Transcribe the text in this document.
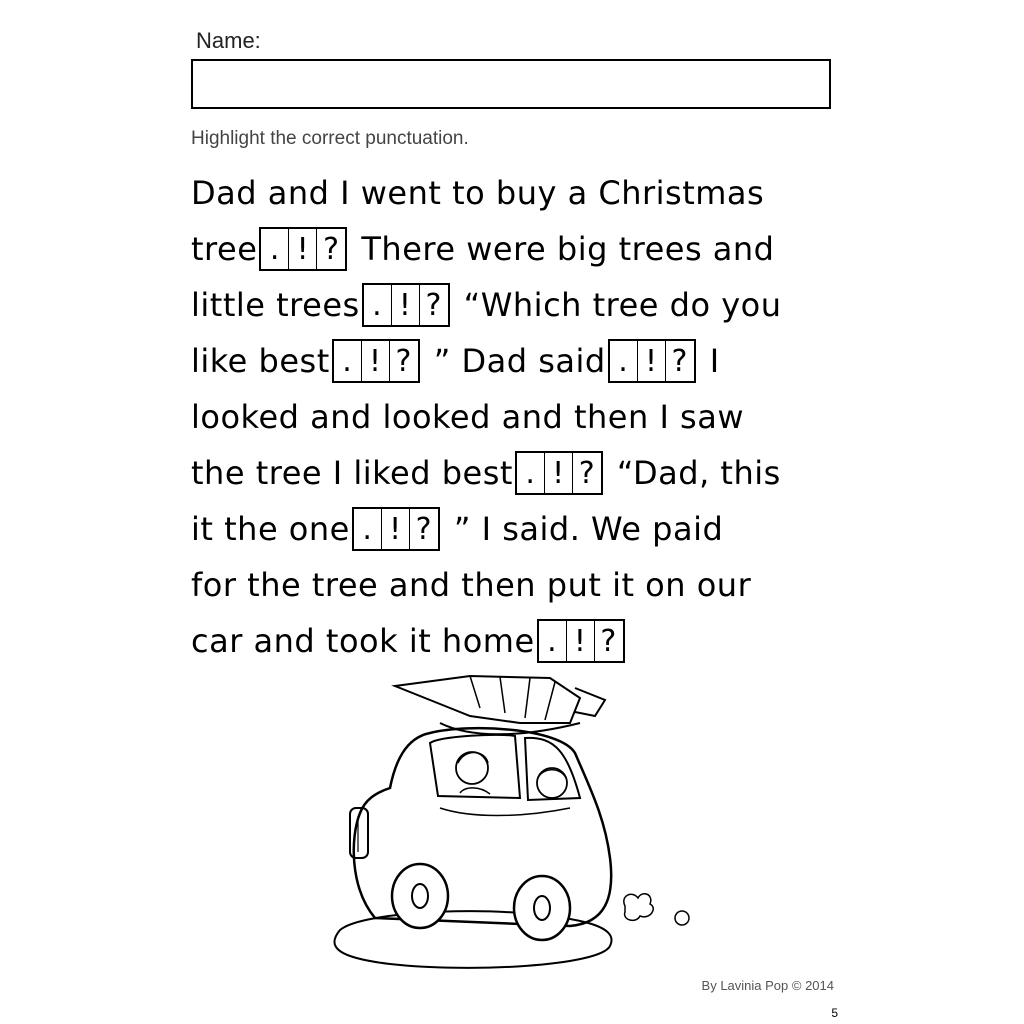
Name:
Highlight the correct punctuation.
Dad and I went to buy a Christmas
tree . ! ? There were big trees and
little trees . ! ? “Which tree do you
like best . ! ? ” Dad said . ! ? I
looked and looked and then I saw
the tree I liked best . ! ? “Dad, this
it the one . ! ? ” I said. We paid
for the tree and then put it on our
car and took it home . ! ?
By Lavinia Pop © 2014
5
